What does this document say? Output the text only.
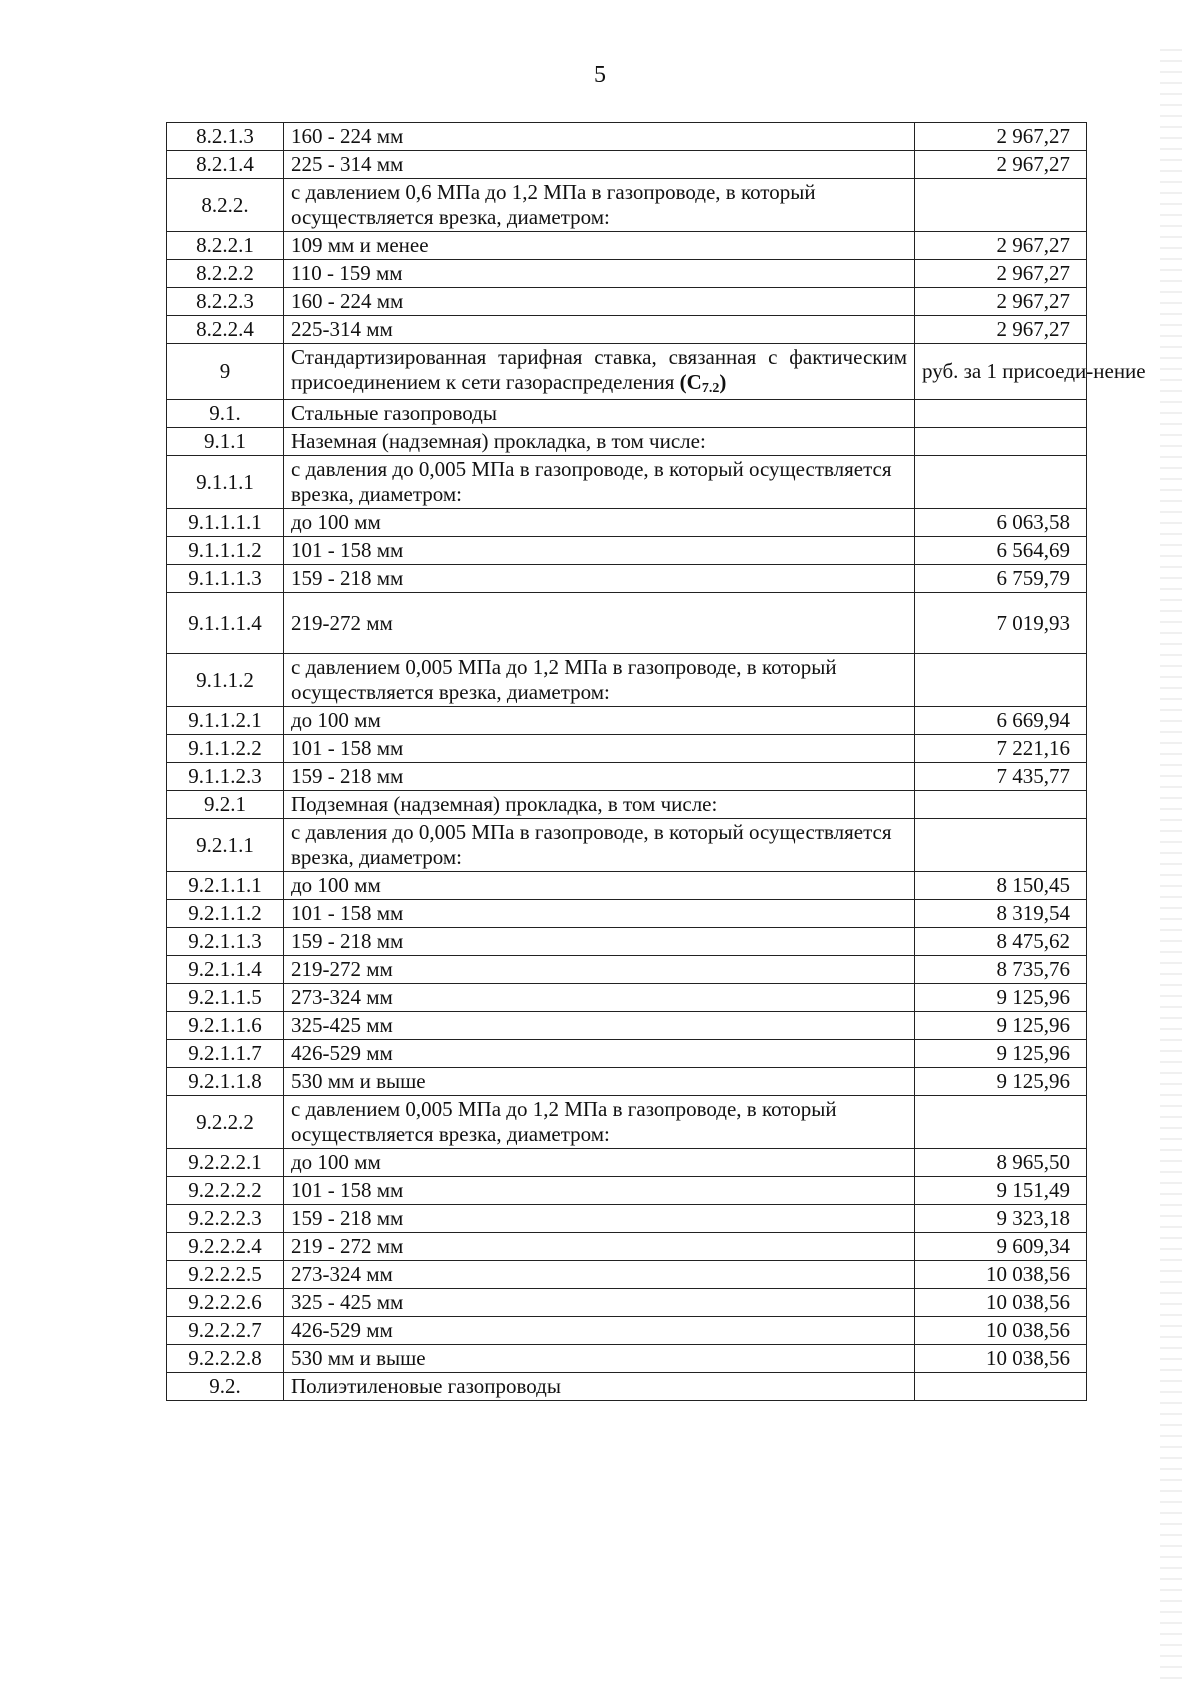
5
8.2.1.3	160 - 224 мм	2 967,27
8.2.1.4	225 - 314 мм	2 967,27
8.2.2.	с давлением 0,6 МПа до 1,2 МПа в газопроводе, в который осуществляется врезка, диаметром:	
8.2.2.1	109 мм и менее	2 967,27
8.2.2.2	110 - 159 мм	2 967,27
8.2.2.3	160 - 224 мм	2 967,27
8.2.2.4	225-314 мм	2 967,27
9	Стандартизированная тарифная ставка, связанная с фактическим присоединением к сети газораспределения (С7.2)	руб. за 1 присоеди-нение
9.1.	Стальные газопроводы	
9.1.1	Наземная (надземная) прокладка, в том числе:	
9.1.1.1	с давления до 0,005 МПа в газопроводе, в который осуществляется врезка, диаметром:	
9.1.1.1.1	до 100 мм	6 063,58
9.1.1.1.2	101 - 158 мм	6 564,69
9.1.1.1.3	159 - 218 мм	6 759,79
9.1.1.1.4	219-272 мм	7 019,93
9.1.1.2	с давлением 0,005 МПа до 1,2 МПа в газопроводе, в который осуществляется врезка, диаметром:	
9.1.1.2.1	до 100 мм	6 669,94
9.1.1.2.2	101 - 158 мм	7 221,16
9.1.1.2.3	159 - 218 мм	7 435,77
9.2.1	Подземная (надземная) прокладка, в том числе:	
9.2.1.1	с давления до 0,005 МПа в газопроводе, в который осуществляется врезка, диаметром:	
9.2.1.1.1	до 100 мм	8 150,45
9.2.1.1.2	101 - 158 мм	8 319,54
9.2.1.1.3	159 - 218 мм	8 475,62
9.2.1.1.4	219-272 мм	8 735,76
9.2.1.1.5	273-324 мм	9 125,96
9.2.1.1.6	325-425 мм	9 125,96
9.2.1.1.7	426-529 мм	9 125,96
9.2.1.1.8	530 мм и выше	9 125,96
9.2.2.2	с давлением 0,005 МПа до 1,2 МПа в газопроводе, в который осуществляется врезка, диаметром:	
9.2.2.2.1	до 100 мм	8 965,50
9.2.2.2.2	101 - 158 мм	9 151,49
9.2.2.2.3	159 - 218 мм	9 323,18
9.2.2.2.4	219 - 272 мм	9 609,34
9.2.2.2.5	273-324 мм	10 038,56
9.2.2.2.6	325 - 425 мм	10 038,56
9.2.2.2.7	426-529 мм	10 038,56
9.2.2.2.8	530 мм и выше	10 038,56
9.2.	Полиэтиленовые газопроводы	
